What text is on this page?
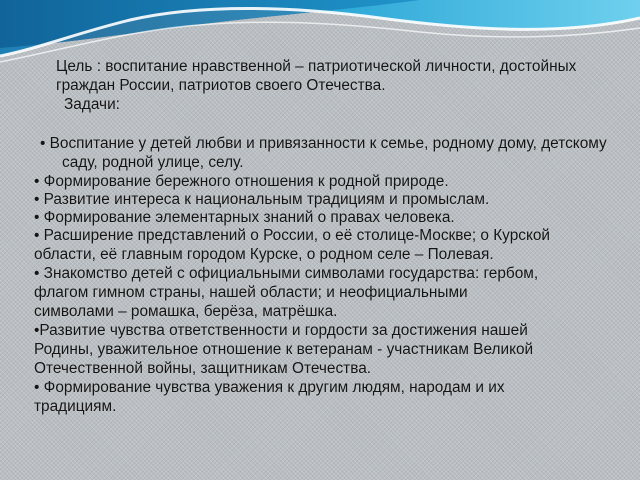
Цель : воспитание нравственной – патриотической личности, достойных
граждан России, патриотов своего Отечества.
Задачи:
• Воспитание у детей любви и привязанности к семье, родному дому, детскому
саду, родной улице, селу.
• Формирование бережного отношения к родной природе.
• Развитие интереса к национальным традициям и промыслам.
• Формирование элементарных знаний о правах человека.
• Расширение представлений о России, о её столице-Москве; о Курской
области, её главным городом Курске, о родном селе – Полевая.
• Знакомство детей с официальными символами государства: гербом,
флагом гимном страны, нашей области; и неофициальными
символами – ромашка, берёза, матрёшка.
•Развитие чувства ответственности и гордости за достижения нашей
Родины, уважительное отношение к ветеранам - участникам Великой
Отечественной войны, защитникам Отечества.
• Формирование чувства уважения к другим людям, народам и их
традициям.
